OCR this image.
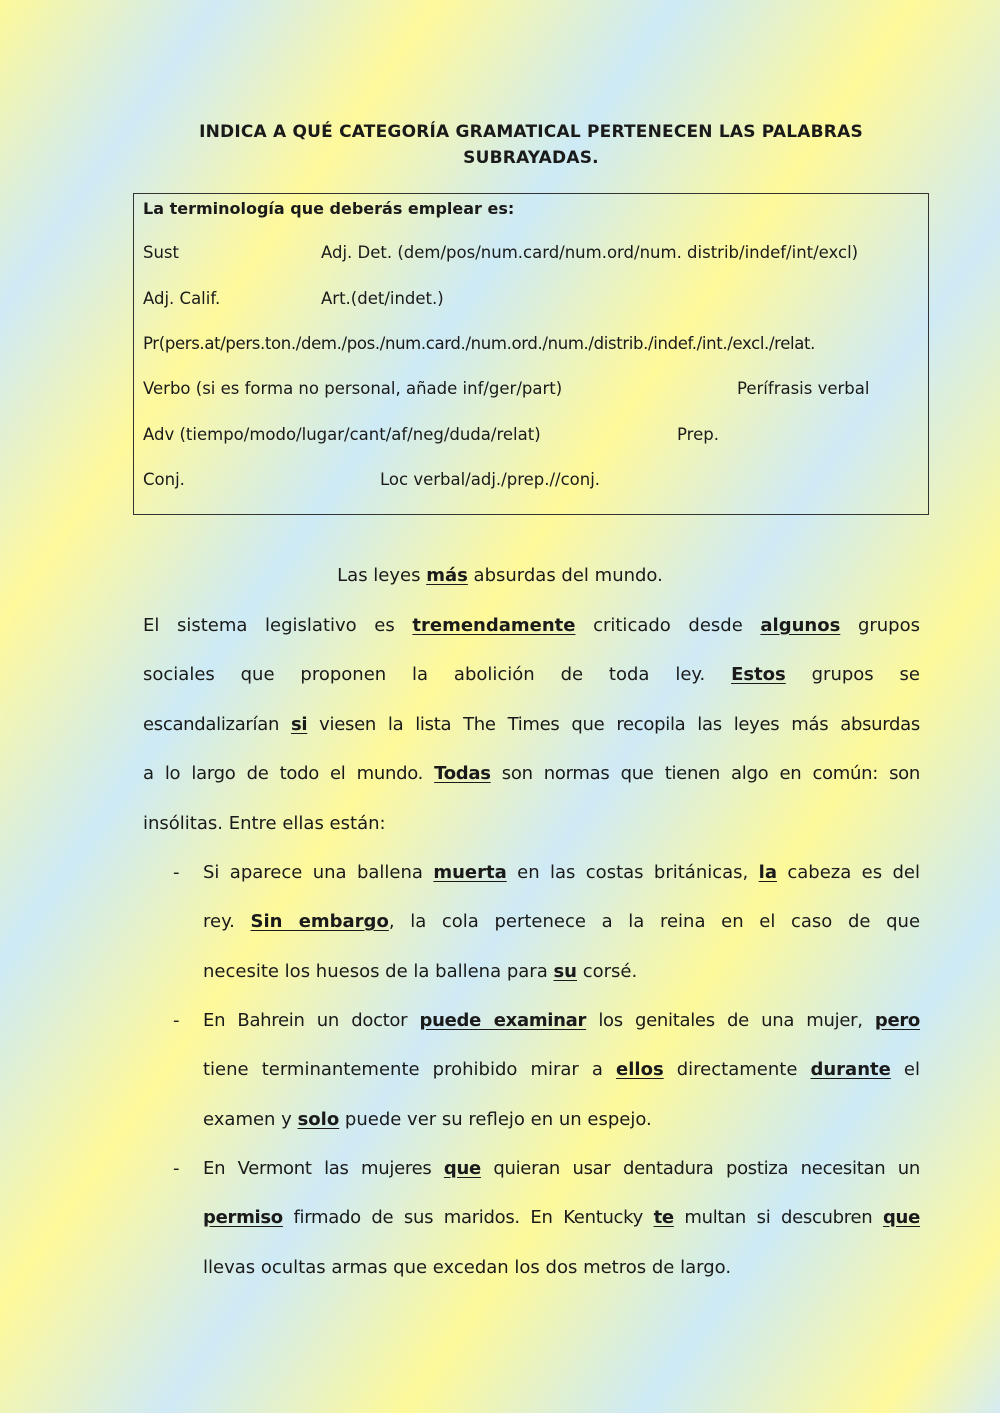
INDICA A QUÉ CATEGORÍA GRAMATICAL PERTENECEN LAS PALABRAS
SUBRAYADAS.
La terminología que deberás emplear es:
Sust	Adj. Det. (dem/pos/num.card/num.ord/num. distrib/indef/int/excl)
Adj. Calif.	Art.(det/indet.)
Pr(pers.at/pers.ton./dem./pos./num.card./num.ord./num./distrib./indef./int./excl./relat.
Verbo (si es forma no personal, añade inf/ger/part)	Perífrasis verbal
Adv (tiempo/modo/lugar/cant/af/neg/duda/relat)	Prep.
Conj.	Loc verbal/adj./prep.//conj.
Las leyes más absurdas del mundo.
El sistema legislativo es tremendamente criticado desde algunos grupos
sociales que proponen la abolición de toda ley. Estos grupos se
escandalizarían si viesen la lista The Times que recopila las leyes más absurdas
a lo largo de todo el mundo. Todas son normas que tienen algo en común: son
insólitas. Entre ellas están:
- Si aparece una ballena muerta en las costas británicas, la cabeza es del
rey. Sin embargo, la cola pertenece a la reina en el caso de que
necesite los huesos de la ballena para su corsé.
- En Bahrein un doctor puede examinar los genitales de una mujer, pero
tiene terminantemente prohibido mirar a ellos directamente durante el
examen y solo puede ver su reflejo en un espejo.
- En Vermont las mujeres que quieran usar dentadura postiza necesitan un
permiso firmado de sus maridos. En Kentucky te multan si descubren que
llevas ocultas armas que excedan los dos metros de largo.
